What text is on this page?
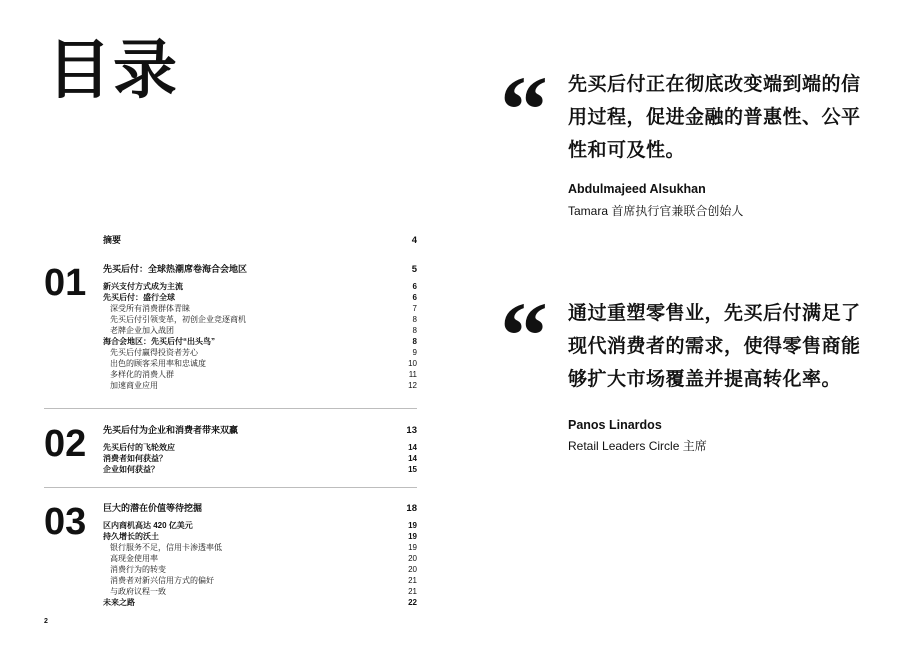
目录
摘要	4
01 先买后付：全球热潮席卷海合会地区	5
新兴支付方式成为主流	6
先买后付：盛行全球	6
深受所有消费群体青睐	7
先买后付引领变革，初创企业竞逐商机	8
老牌企业加入战团	8
海合会地区：先买后付“出头鸟”	8
先买后付赢得投资者芳心	9
出色的顾客采用率和忠诚度	10
多样化的消费人群	11
加速商业应用	12
02 先买后付为企业和消费者带来双赢	13
先买后付的飞轮效应	14
消费者如何获益？	14
企业如何获益？	15
03 巨大的潜在价值等待挖掘	18
区内商机高达 420 亿美元	19
持久增长的沃土	19
银行服务不足，信用卡渗透率低	19
高现金使用率	20
消费行为的转变	20
消费者对新兴信用方式的偏好	21
与政府议程一致	21
未来之路	22
2
“ 先买后付正在彻底改变端到端的信用过程，促进金融的普惠性、公平性和可及性。
Abdulmajeed Alsukhan
Tamara 首席执行官兼联合创始人
“ 通过重塑零售业，先买后付满足了现代消费者的需求，使得零售商能够扩大市场覆盖并提高转化率。
Panos Linardos
Retail Leaders Circle 主席
